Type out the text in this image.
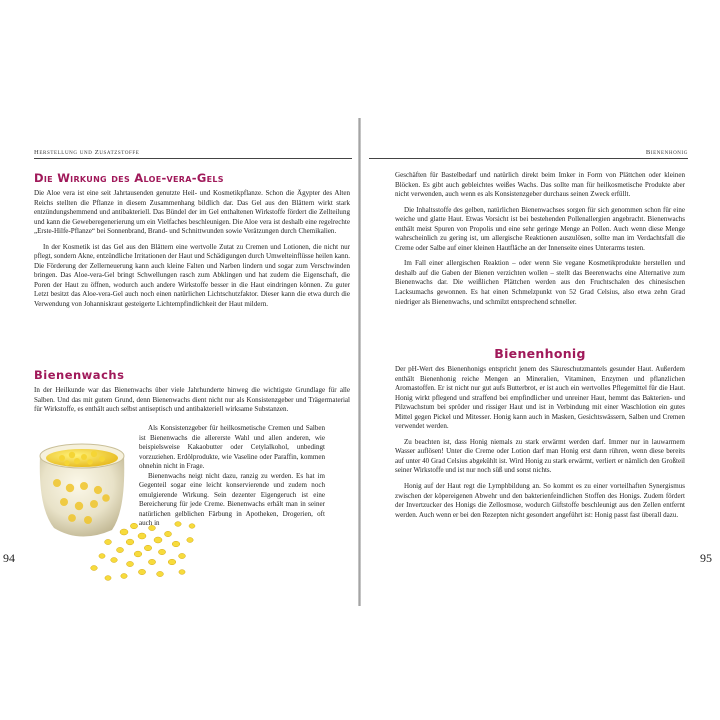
Herstellung und Zusatzstoffe
Die Wirkung des Aloe-vera-Gels

Die Aloe vera ist eine seit Jahrtausenden genutzte Heil- und Kosmetikpflanze. Schon die Ägypter des Alten Reichs stellten die Pflanze in diesem Zusammenhang bildlich dar. Das Gel aus den Blättern wirkt stark entzündungshemmend und antibakteriell. Das Bündel der im Gel enthaltenen Wirkstoffe fördert die Zellteilung und kann die Geweberegenerierung um ein Vielfaches beschleunigen. Die Aloe vera ist deshalb eine regelrechte „Erste-Hilfe-Pflanze“ bei Sonnenbrand, Brand- und Schnittwunden sowie Verätzungen durch Chemikalien.

In der Kosmetik ist das Gel aus den Blättern eine wertvolle Zutat zu Cremen und Lotionen, die nicht nur pflegt, sondern Akne, entzündliche Irritationen der Haut und Schädigungen durch Umwelteinflüsse heilen kann. Die Förderung der Zellerneuerung kann auch kleine Falten und Narben lindern und sogar zum Verschwinden bringen. Das Aloe-vera-Gel bringt Schwellungen rasch zum Abklingen und hat zudem die Eigenschaft, die Poren der Haut zu öffnen, wodurch auch andere Wirkstoffe besser in die Haut eindringen können. Zu guter Letzt besitzt das Aloe-vera-Gel auch noch einen natürlichen Lichtschutzfaktor. Dieser kann die etwa durch die Verwendung von Johanniskraut gesteigerte Lichtempfindlichkeit der Haut mildern.

Bienenwachs

In der Heilkunde war das Bienenwachs über viele Jahrhunderte hinweg die wichtigste Grundlage für alle Salben. Und das mit gutem Grund, denn Bienenwachs dient nicht nur als Konsistenzgeber und Trägermaterial für Wirkstoffe, es enthält auch selbst antiseptisch und antibakteriell wirksame Substanzen.

Als Konsistenzgeber für heilkosmetische Cremen und Salben ist Bienenwachs die allererste Wahl und allen anderen, wie beispielsweise Kakaobutter oder Cetylalkohol, unbedingt vorzuziehen. Erdölprodukte, wie Vaseline oder Paraffin, kommen ohnehin nicht in Frage.

Bienenwachs neigt nicht dazu, ranzig zu werden. Es hat im Gegenteil sogar eine leicht konservierende und zudem noch emulgierende Wirkung. Sein dezenter Eigengeruch ist eine Bereicherung für jede Creme. Bienenwachs erhält man in seiner natürlichen gelblichen Färbung in Apotheken, Drogerien, oft auch in

94
Bienenhonig

Geschäften für Bastelbedarf und natürlich direkt beim Imker in Form von Plättchen oder kleinen Blöcken. Es gibt auch gebleichtes weißes Wachs. Das sollte man für heilkosmetische Produkte aber nicht verwenden, auch wenn es als Konsistenzgeber durchaus seinen Zweck erfüllt.

Die Inhaltsstoffe des gelben, natürlichen Bienenwachses sorgen für sich genommen schon für eine weiche und glatte Haut. Etwas Vorsicht ist bei bestehenden Pollenallergien angebracht. Bienenwachs enthält meist Spuren von Propolis und eine sehr geringe Menge an Pollen. Auch wenn diese Menge wahrscheinlich zu gering ist, um allergische Reaktionen auszulösen, sollte man im Verdachtsfall die Creme oder Salbe auf einer kleinen Hautfläche an der Innenseite eines Unterarms testen.

Im Fall einer allergischen Reaktion – oder wenn Sie vegane Kosmetikprodukte herstellen und deshalb auf die Gaben der Bienen verzichten wollen – stellt das Beerenwachs eine Alternative zum Bienenwachs dar. Die weißlichen Plättchen werden aus den Fruchtschalen des chinesischen Lacksumachs gewonnen. Es hat einen Schmelzpunkt von 52 Grad Celsius, also etwa zehn Grad niedriger als Bienenwachs, und schmilzt entsprechend schneller.

Bienenhonig

Der pH-Wert des Bienenhonigs entspricht jenem des Säureschutzmantels gesunder Haut. Außerdem enthält Bienenhonig reiche Mengen an Mineralien, Vitaminen, Enzymen und pflanzlichen Aromastoffen. Er ist nicht nur gut aufs Butterbrot, er ist auch ein wertvolles Pflegemittel für die Haut. Honig wirkt pflegend und straffend bei empfindlicher und unreiner Haut, hemmt das Bakterien- und Pilzwachstum bei spröder und rissiger Haut und ist in Verbindung mit einer Waschlotion ein gutes Mittel gegen Pickel und Mitesser. Honig kann auch in Masken, Gesichtswässern, Salben und Cremen verwendet werden.

Zu beachten ist, dass Honig niemals zu stark erwärmt werden darf. Immer nur in lauwarmem Wasser auflösen! Unter die Creme oder Lotion darf man Honig erst dann rühren, wenn diese bereits auf unter 40 Grad Celsius abgekühlt ist. Wird Honig zu stark erwärmt, verliert er nämlich den Großteil seiner Wirkstoffe und ist nur noch süß und sonst nichts.

Honig auf der Haut regt die Lymphbildung an. So kommt es zu einer vorteilhaften Synergismus zwischen der köpereigenen Abwehr und den bakterienfeindlichen Stoffen des Honigs. Zudem fördert der Invertzucker des Honigs die Zellosmose, wodurch Giftstoffe beschleunigt aus den Zellen entfernt werden. Auch wenn er bei den Rezepten nicht gesondert angeführt ist: Honig passt fast überall dazu.

95
